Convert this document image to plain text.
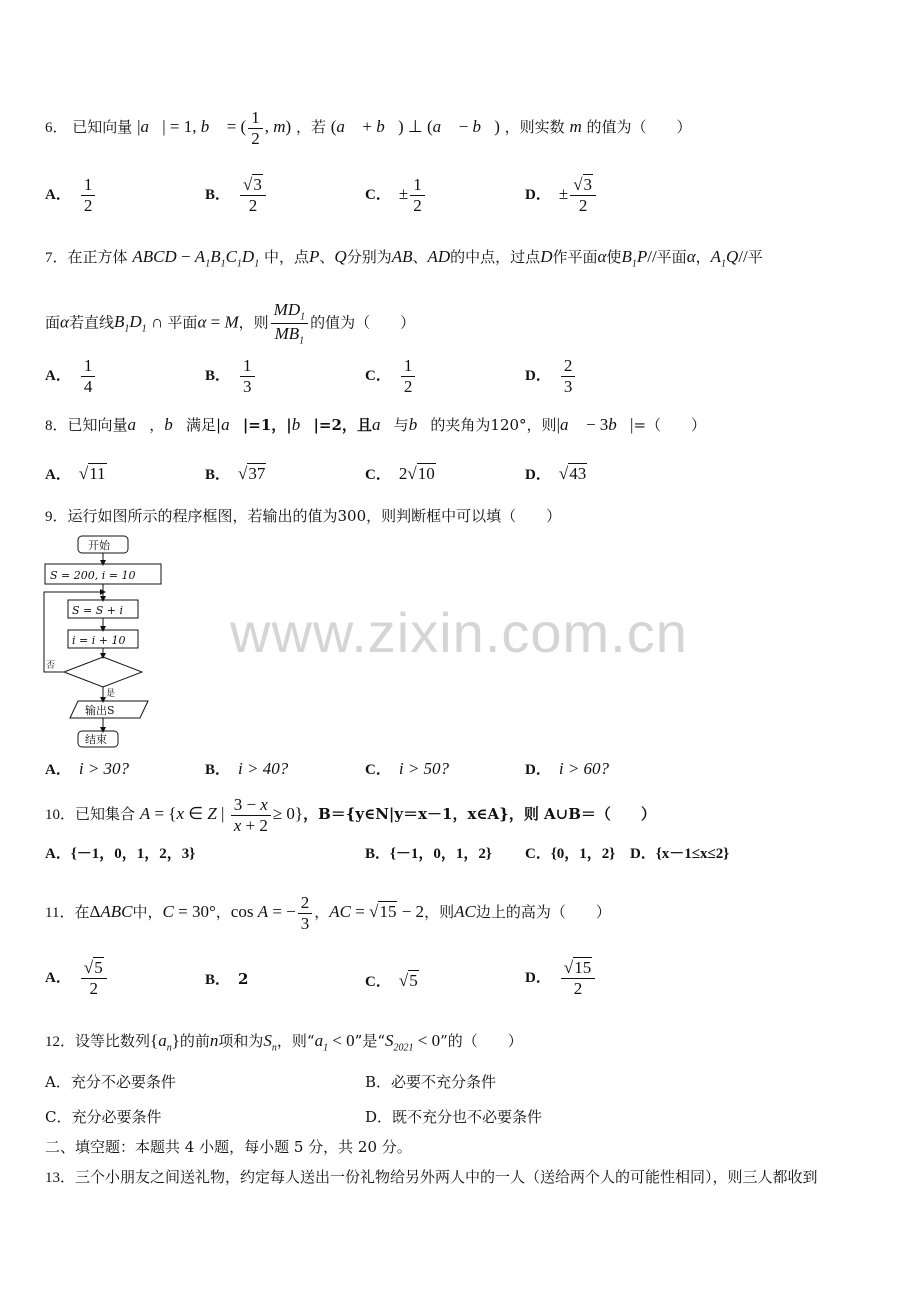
www.zixin.com.cn
6． 已知向量 |a⃗| = 1, b⃗ = ( $\frac{1}{2}$ , m) ，若 (a⃗ + b⃗) ⊥ (a⃗ − b⃗) ，则实数 m 的值为（　　）
A． $\frac{1}{2}$	B． $\frac{√3}{2}$	C． ± $\frac{1}{2}$	D． ± $\frac{√3}{2}$
7．在正方体 ABCD − $A_1B_1C_1D_1$ 中，点P、Q分别为AB、AD的中点，过点D作平面α使$B_1P//$平面α，$A_1Q//$平
面α若直线$B_1D_1$ ∩ 平面α = M，则 $\frac{MD_1}{MB_1}$ 的值为（　　）
A． $\frac{1}{4}$	B． $\frac{1}{3}$	C． $\frac{1}{2}$	D． $\frac{2}{3}$
8．已知向量a⃗，b⃗满足|a⃗|=1，|b⃗|=2，且a⃗与b⃗的夹角为120°，则|a⃗ − 3b⃗|=（　　）
A． √11	B． √37	C． 2√10	D． √43
9．运行如图所示的程序框图，若输出的值为300，则判断框中可以填（　　）
开始
S = 200, i = 10
S = S + i
i = i + 10
否
是
输出S
结束
A． i > 30?	B． i > 40?	C． i > 50?	D． i > 60?
10．已知集合 A = {x ∈ Z | $\frac{3 - x}{x + 2} \ge 0$}，B＝{y∈N|y＝x－1，x∈A}，则 A∪B＝（　　）
A．{－1，0，1，2，3}	B．{－1，0，1，2} C．{0，1，2} D．{x－1≤x≤2}
11．在ΔABC中，C = 30°，cos A = − $\frac{2}{3}$ ，AC = √15 − 2，则AC边上的高为（　　）
A． $\frac{√5}{2}$	B． 2	C． √5	D． $\frac{√15}{2}$
12．设等比数列$\{a_n\}$的前n项和为$S_n$，则“$a_1 < 0$”是“$S_{2021} < 0$”的（　　）
A．充分不必要条件	B．必要不充分条件
C．充分必要条件	D．既不充分也不必要条件
二、填空题：本题共 4 小题，每小题 5 分，共 20 分。
13．三个小朋友之间送礼物，约定每人送出一份礼物给另外两人中的一人（送给两个人的可能性相同），则三人都收到
